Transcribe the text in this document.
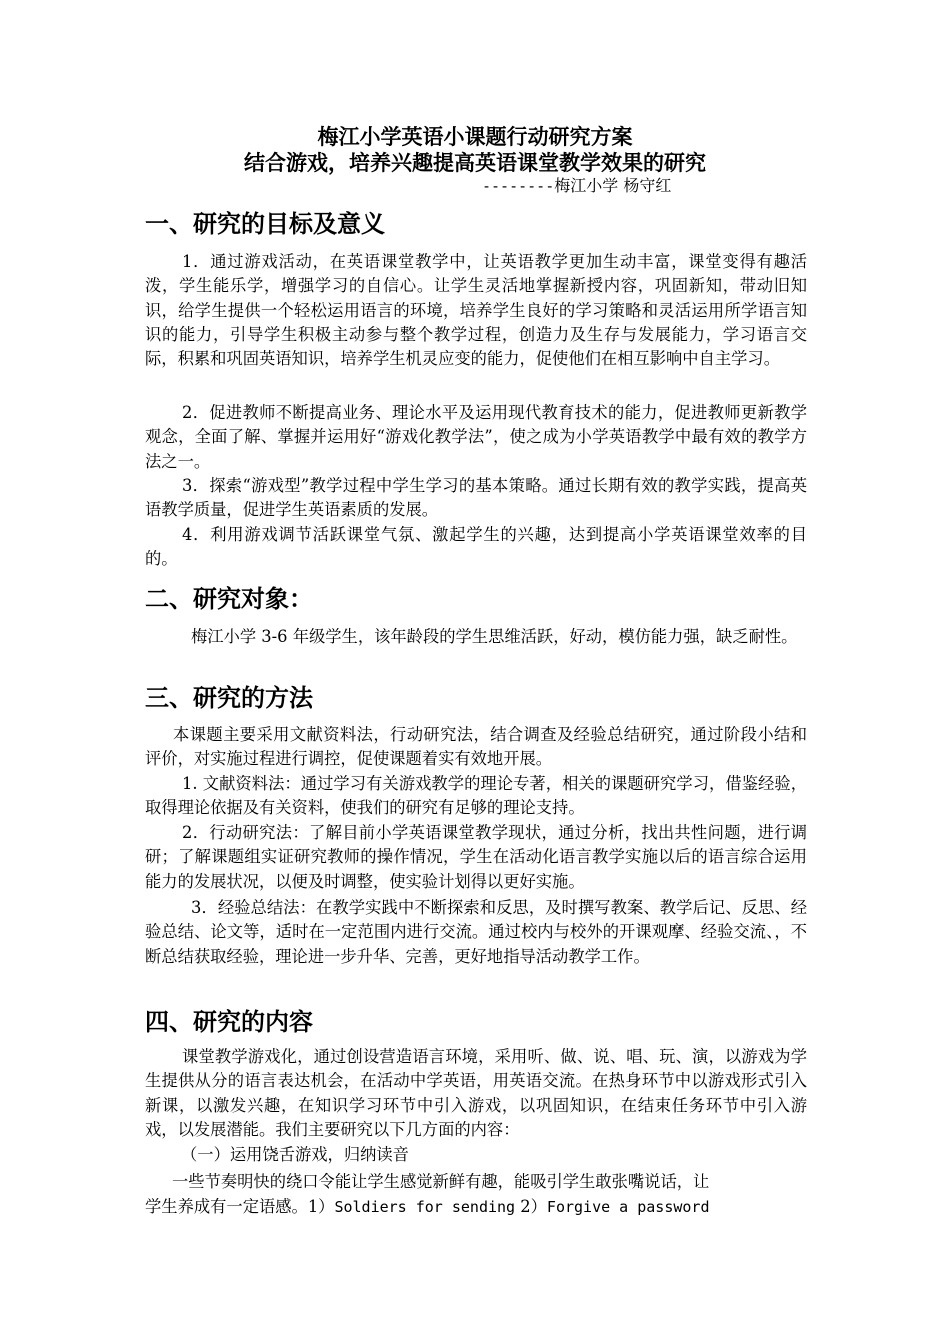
梅江小学英语小课题行动研究方案
结合游戏，培养兴趣提高英语课堂教学效果的研究
--------梅江小学 杨守红
一、研究的目标及意义
1．通过游戏活动，在英语课堂教学中，让英语教学更加生动丰富，课堂变得有趣活泼，学生能乐学，增强学习的自信心。让学生灵活地掌握新授内容，巩固新知，带动旧知识，给学生提供一个轻松运用语言的环境，培养学生良好的学习策略和灵活运用所学语言知识的能力，引导学生积极主动参与整个教学过程，创造力及生存与发展能力，学习语言交际，积累和巩固英语知识，培养学生机灵应变的能力，促使他们在相互影响中自主学习。
2．促进教师不断提高业务、理论水平及运用现代教育技术的能力，促进教师更新教学观念，全面了解、掌握并运用好“游戏化教学法”，使之成为小学英语教学中最有效的教学方法之一。
3．探索“游戏型”教学过程中学生学习的基本策略。通过长期有效的教学实践，提高英语教学质量，促进学生英语素质的发展。
4．利用游戏调节活跃课堂气氛、激起学生的兴趣，达到提高小学英语课堂效率的目的。
二、研究对象：
梅江小学 3-6 年级学生，该年龄段的学生思维活跃，好动，模仿能力强，缺乏耐性。
三、研究的方法
本课题主要采用文献资料法，行动研究法，结合调查及经验总结研究，通过阶段小结和评价，对实施过程进行调控，促使课题着实有效地开展。
1. 文献资料法：通过学习有关游戏教学的理论专著，相关的课题研究学习，借鉴经验，取得理论依据及有关资料，使我们的研究有足够的理论支持。
2．行动研究法：了解目前小学英语课堂教学现状，通过分析，找出共性问题，进行调研；了解课题组实证研究教师的操作情况，学生在活动化语言教学实施以后的语言综合运用能力的发展状况，以便及时调整，使实验计划得以更好实施。
3．经验总结法：在教学实践中不断探索和反思，及时撰写教案、教学后记、反思、经验总结、论文等，适时在一定范围内进行交流。通过校内与校外的开课观摩、经验交流、，不断总结获取经验，理论进一步升华、完善，更好地指导活动教学工作。
四、研究的内容
课堂教学游戏化，通过创设营造语言环境，采用听、做、说、唱、玩、演，以游戏为学生提供从分的语言表达机会，在活动中学英语，用英语交流。在热身环节中以游戏形式引入新课，以激发兴趣，在知识学习环节中引入游戏，以巩固知识，在结束任务环节中引入游戏，以发展潜能。我们主要研究以下几方面的内容：
（一）运用饶舌游戏，归纳读音
一些节奏明快的绕口令能让学生感觉新鲜有趣，能吸引学生敢张嘴说话，让
学生养成有一定语感。1）Soldiers for sending 2）Forgive a password
